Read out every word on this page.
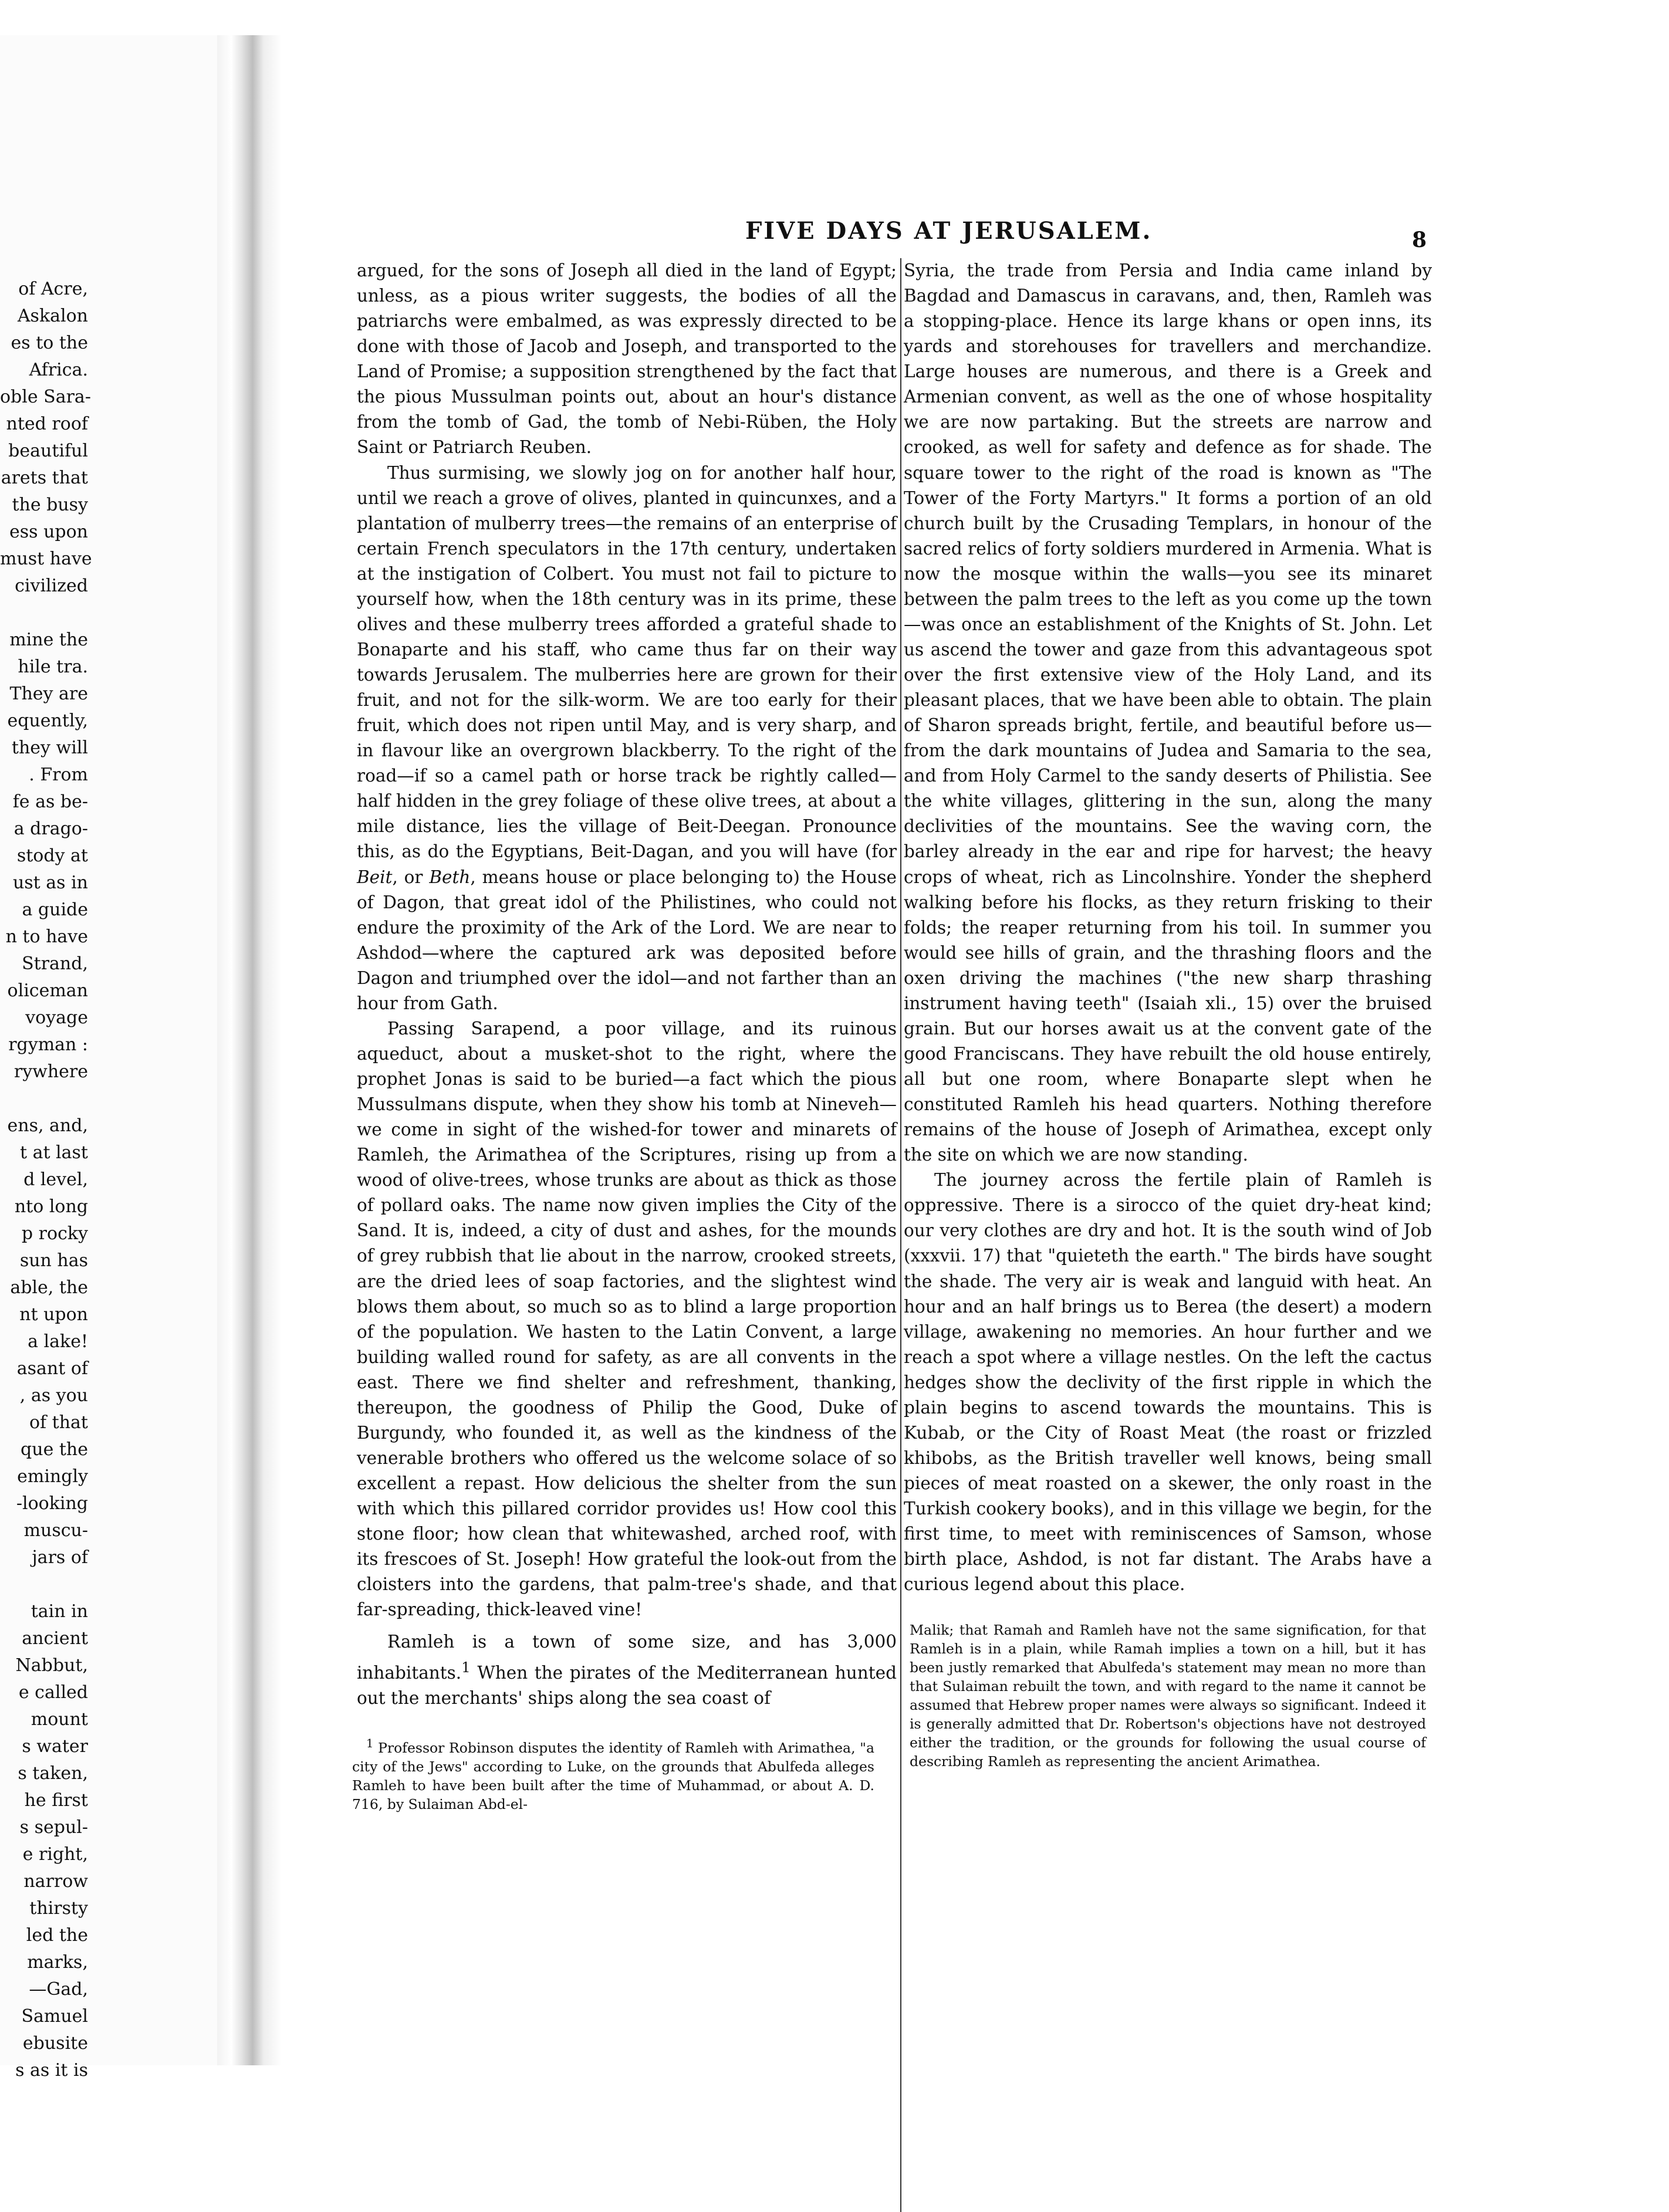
of Acre,
Askalon
es to the
Africa.
oble Sara-
nted roof
beautiful
arets that
the busy
ess upon
must have
civilized
mine the
hile tra.
They are
equently,
they will
. From
fe as be-
a drago-
stody at
ust as in
a guide
n to have
Strand,
oliceman
voyage
rgyman :
rywhere
ens, and,
t at last
d level,
nto long
p rocky
sun has
able, the
nt upon
a lake!
asant of
, as you
of that
que the
emingly
-looking
muscu-
jars of
tain in
ancient
Nabbut,
e called
mount
s water
s taken,
he first
s sepul-
e right,
narrow
thirsty
led the
marks,
—Gad,
Samuel
ebusite
s as it is
FIVE DAYS AT JERUSALEM.	8

argued, for the sons of Joseph all died in the land of Egypt; unless, as a pious writer suggests, the bodies of all the patriarchs were embalmed, as was expressly directed to be done with those of Jacob and Joseph, and transported to the Land of Promise; a supposition strengthened by the fact that the pious Mussulman points out, about an hour's distance from the tomb of Gad, the tomb of Nebi-Rüben, the Holy Saint or Patriarch Reuben.

Thus surmising, we slowly jog on for another half hour, until we reach a grove of olives, planted in quincunxes, and a plantation of mulberry trees—the remains of an enterprise of certain French speculators in the 17th century, undertaken at the instigation of Colbert. You must not fail to picture to yourself how, when the 18th century was in its prime, these olives and these mulberry trees afforded a grateful shade to Bonaparte and his staff, who came thus far on their way towards Jerusalem. The mulberries here are grown for their fruit, and not for the silk-worm. We are too early for their fruit, which does not ripen until May, and is very sharp, and in flavour like an overgrown blackberry. To the right of the road—if so a camel path or horse track be rightly called—half hidden in the grey foliage of these olive trees, at about a mile distance, lies the village of Beit-Deegan. Pronounce this, as do the Egyptians, Beit-Dagan, and you will have (for Beit, or Beth, means house or place belonging to) the House of Dagon, that great idol of the Philistines, who could not endure the proximity of the Ark of the Lord. We are near to Ashdod—where the captured ark was deposited before Dagon and triumphed over the idol—and not farther than an hour from Gath.

Passing Sarapend, a poor village, and its ruinous aqueduct, about a musket-shot to the right, where the prophet Jonas is said to be buried—a fact which the pious Mussulmans dispute, when they show his tomb at Nineveh—we come in sight of the wished-for tower and minarets of Ramleh, the Arimathea of the Scriptures, rising up from a wood of olive-trees, whose trunks are about as thick as those of pollard oaks. The name now given implies the City of the Sand. It is, indeed, a city of dust and ashes, for the mounds of grey rubbish that lie about in the narrow, crooked streets, are the dried lees of soap factories, and the slightest wind blows them about, so much so as to blind a large proportion of the population. We hasten to the Latin Convent, a large building walled round for safety, as are all convents in the east. There we find shelter and refreshment, thanking, thereupon, the goodness of Philip the Good, Duke of Burgundy, who founded it, as well as the kindness of the venerable brothers who offered us the welcome solace of so excellent a repast. How delicious the shelter from the sun with which this pillared corridor provides us! How cool this stone floor; how clean that whitewashed, arched roof, with its frescoes of St. Joseph! How grateful the look-out from the cloisters into the gardens, that palm-tree's shade, and that far-spreading, thick-leaved vine!

Ramleh is a town of some size, and has 3,000 inhabitants.$^1$ When the pirates of the Mediterranean hunted out the merchants' ships along the sea coast of

Syria, the trade from Persia and India came inland by Bagdad and Damascus in caravans, and, then, Ramleh was a stopping-place. Hence its large khans or open inns, its yards and storehouses for travellers and merchandize. Large houses are numerous, and there is a Greek and Armenian convent, as well as the one of whose hospitality we are now partaking. But the streets are narrow and crooked, as well for safety and defence as for shade. The square tower to the right of the road is known as "The Tower of the Forty Martyrs." It forms a portion of an old church built by the Crusading Templars, in honour of the sacred relics of forty soldiers murdered in Armenia. What is now the mosque within the walls—you see its minaret between the palm trees to the left as you come up the town—was once an establishment of the Knights of St. John. Let us ascend the tower and gaze from this advantageous spot over the first extensive view of the Holy Land, and its pleasant places, that we have been able to obtain. The plain of Sharon spreads bright, fertile, and beautiful before us—from the dark mountains of Judea and Samaria to the sea, and from Holy Carmel to the sandy deserts of Philistia. See the white villages, glittering in the sun, along the many declivities of the mountains. See the waving corn, the barley already in the ear and ripe for harvest; the heavy crops of wheat, rich as Lincolnshire. Yonder the shepherd walking before his flocks, as they return frisking to their folds; the reaper returning from his toil. In summer you would see hills of grain, and the thrashing floors and the oxen driving the machines ("the new sharp thrashing instrument having teeth" (Isaiah xli., 15) over the bruised grain. But our horses await us at the convent gate of the good Franciscans. They have rebuilt the old house entirely, all but one room, where Bonaparte slept when he constituted Ramleh his head quarters. Nothing therefore remains of the house of Joseph of Arimathea, except only the site on which we are now standing.

The journey across the fertile plain of Ramleh is oppressive. There is a sirocco of the quiet dry-heat kind; our very clothes are dry and hot. It is the south wind of Job (xxxvii. 17) that "quieteth the earth." The birds have sought the shade. The very air is weak and languid with heat. An hour and an half brings us to Berea (the desert) a modern village, awakening no memories. An hour further and we reach a spot where a village nestles. On the left the cactus hedges show the declivity of the first ripple in which the plain begins to ascend towards the mountains. This is Kubab, or the City of Roast Meat (the roast or frizzled khibobs, as the British traveller well knows, being small pieces of meat roasted on a skewer, the only roast in the Turkish cookery books), and in this village we begin, for the first time, to meet with reminiscences of Samson, whose birth place, Ashdod, is not far distant. The Arabs have a curious legend about this place.

$^1$ Professor Robinson disputes the identity of Ramleh with Arimathea, "a city of the Jews" according to Luke, on the grounds that Abulfeda alleges Ramleh to have been built after the time of Muhammad, or about A. D. 716, by Sulaiman Abd-el-

Malik; that Ramah and Ramleh have not the same signification, for that Ramleh is in a plain, while Ramah implies a town on a hill, but it has been justly remarked that Abulfeda's statement may mean no more than that Sulaiman rebuilt the town, and with regard to the name it cannot be assumed that Hebrew proper names were always so significant. Indeed it is generally admitted that Dr. Robertson's objections have not destroyed either the tradition, or the grounds for following the usual course of describing Ramleh as representing the ancient Arimathea.
